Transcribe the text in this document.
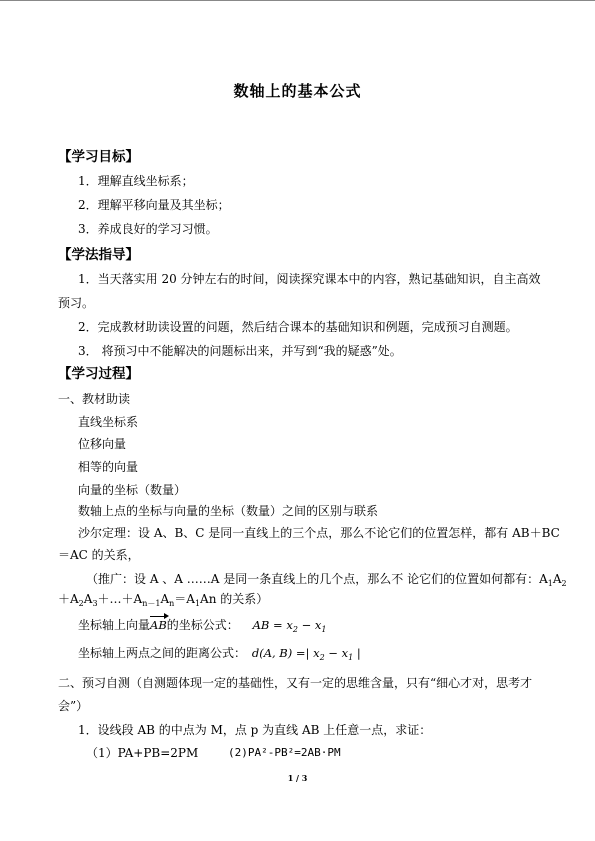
数轴上的基本公式
【学习目标】
1．理解直线坐标系；
2．理解平移向量及其坐标；
3．养成良好的学习习惯。
【学法指导】
1．当天落实用 20 分钟左右的时间，阅读探究课本中的内容，熟记基础知识，自主高效
预习。
2．完成教材助读设置的问题，然后结合课本的基础知识和例题，完成预习自测题。
3． 将预习中不能解决的问题标出来，并写到“我的疑惑”处。
【学习过程】
一、教材助读
直线坐标系
位移向量
相等的向量
向量的坐标（数量）
数轴上点的坐标与向量的坐标（数量）之间的区别与联系
沙尔定理：设 A、B、C 是同一直线上的三个点，那么不论它们的位置怎样，都有 AB＋BC
＝AC 的关系，
（推广：设 A 、A ……A 是同一条直线上的几个点，那么不 论它们的位置如何都有：$A_1A_2$
$+A_2A_3+\dots+A_{n-1}A_n=A_1An$ 的关系）
坐标轴上向量AB的坐标公式： AB = $x_2 - x_1$
坐标轴上两点之间的距离公式： d(A, B) =| $x_2 - x_1$ |
二、预习自测（自测题体现一定的基础性，又有一定的思维含量，只有“细心才对，思考才
会”）
1．设线段 AB 的中点为 M，点 p 为直线 AB 上任意一点，求证：
（1）PA+PB=2PM	(2)PA²-PB²=2AB·PM
1 / 3
